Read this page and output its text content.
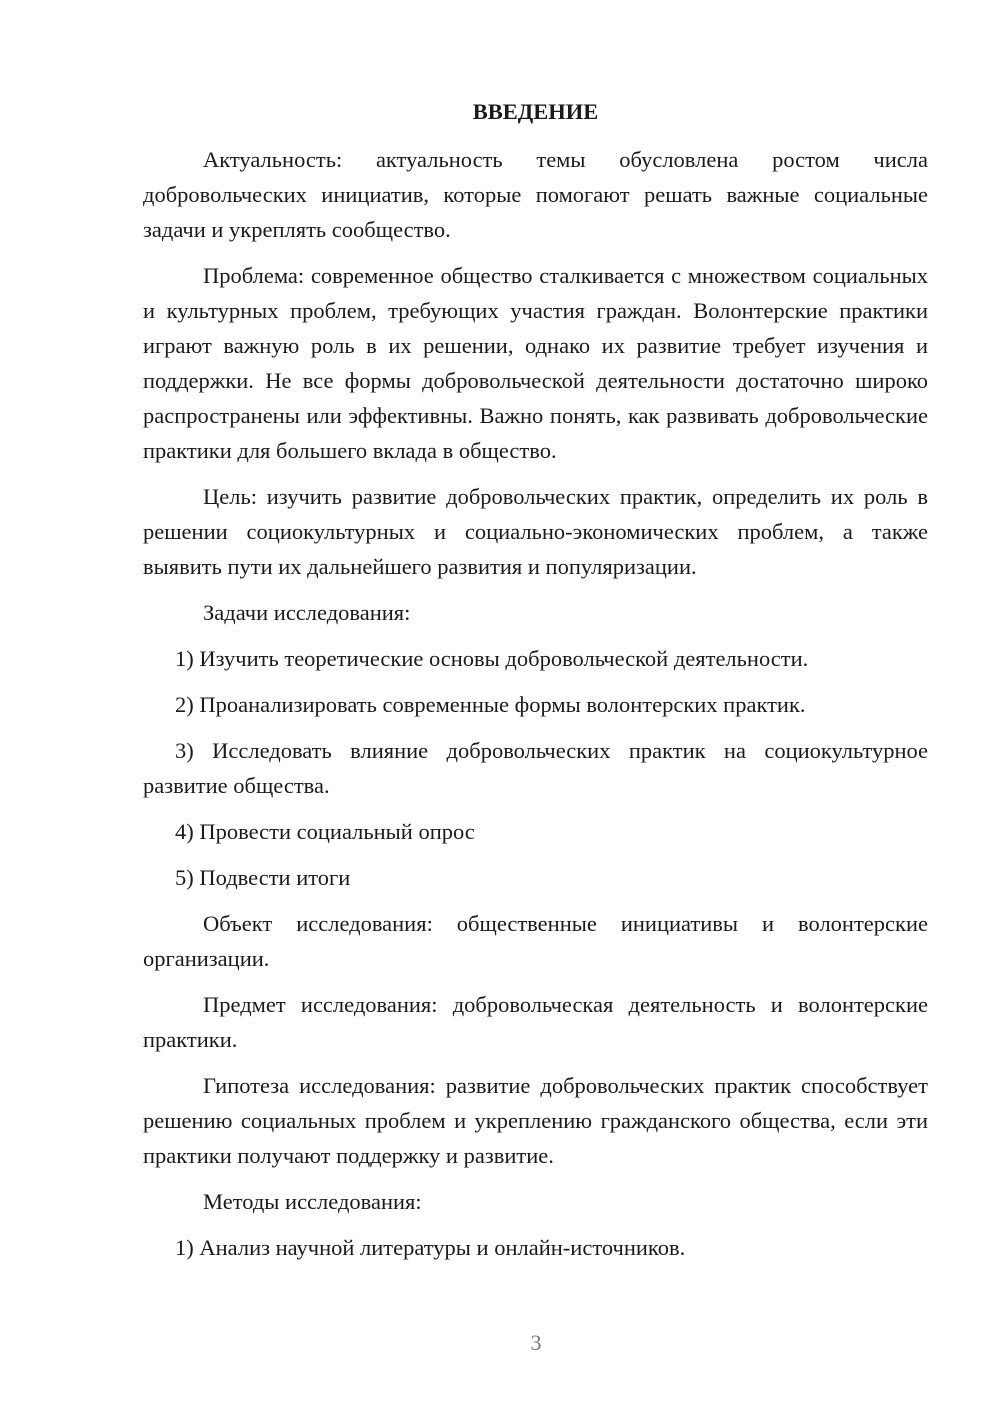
ВВЕДЕНИЕ

Актуальность: актуальность темы обусловлена ростом числа добровольческих инициатив, которые помогают решать важные социальные задачи и укреплять сообщество.

Проблема: современное общество сталкивается с множеством социальных и культурных проблем, требующих участия граждан. Волонтерские практики играют важную роль в их решении, однако их развитие требует изучения и поддержки. Не все формы добровольческой деятельности достаточно широко распространены или эффективны. Важно понять, как развивать добровольческие практики для большего вклада в общество.

Цель: изучить развитие добровольческих практик, определить их роль в решении социокультурных и социально-экономических проблем, а также выявить пути их дальнейшего развития и популяризации.

Задачи исследования:

1) Изучить теоретические основы добровольческой деятельности.

2) Проанализировать современные формы волонтерских практик.

3) Исследовать влияние добровольческих практик на социокультурное развитие общества.

4) Провести социальный опрос

5) Подвести итоги

Объект исследования: общественные инициативы и волонтерские организации.

Предмет исследования: добровольческая деятельность и волонтерские практики.

Гипотеза исследования: развитие добровольческих практик способствует решению социальных проблем и укреплению гражданского общества, если эти практики получают поддержку и развитие.

Методы исследования:

1) Анализ научной литературы и онлайн-источников.

3
